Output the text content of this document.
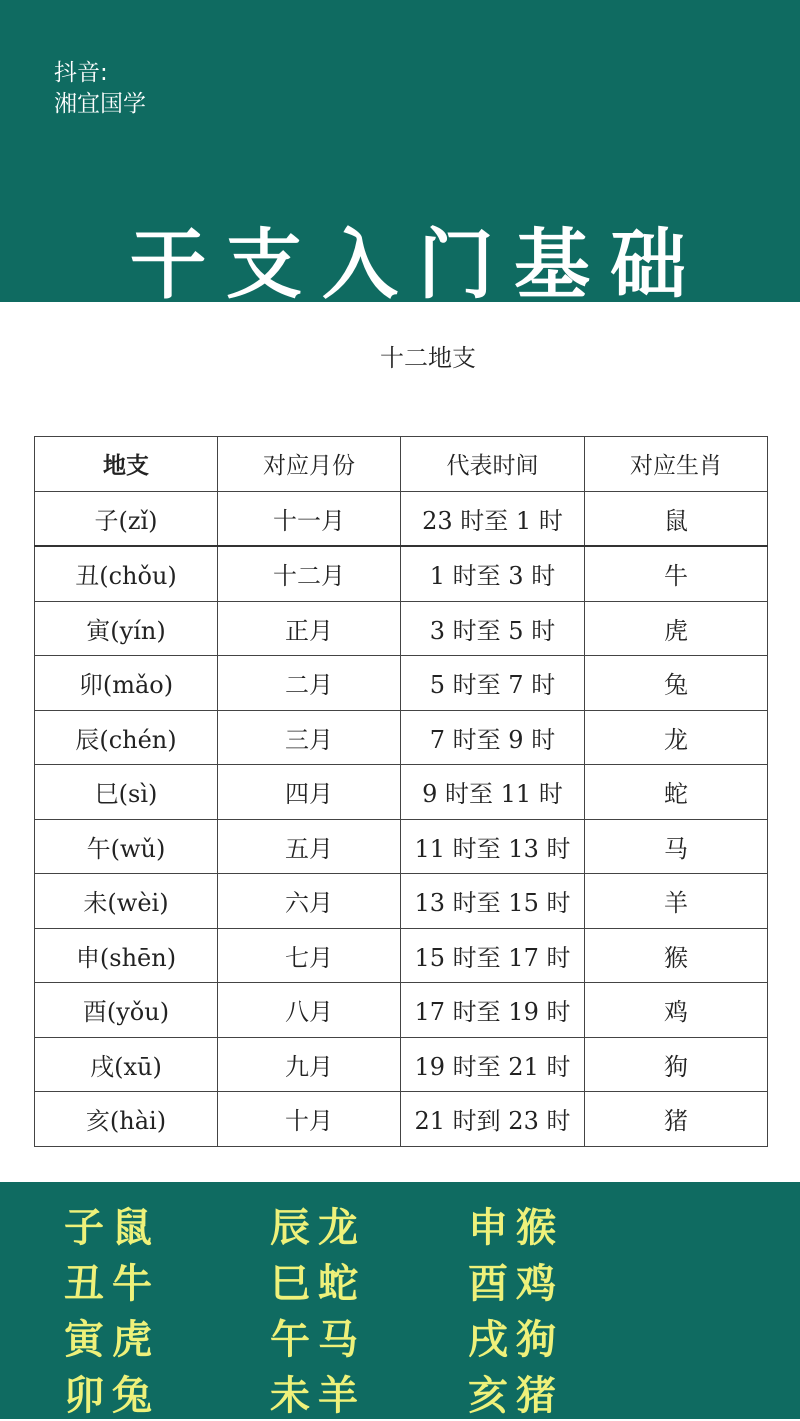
抖音:
湘宜国学
干支入门基础
十二地支
地支	对应月份	代表时间	对应生肖
子(zǐ)	十一月	23 时至 1 时	鼠
丑(chǒu)	十二月	1 时至 3 时	牛
寅(yín)	正月	3 时至 5 时	虎
卯(mǎo)	二月	5 时至 7 时	兔
辰(chén)	三月	7 时至 9 时	龙
巳(sì)	四月	9 时至 11 时	蛇
午(wǔ)	五月	11 时至 13 时	马
未(wèi)	六月	13 时至 15 时	羊
申(shēn)	七月	15 时至 17 时	猴
酉(yǒu)	八月	17 时至 19 时	鸡
戌(xū)	九月	19 时至 21 时	狗
亥(hài)	十月	21 时到 23 时	猪
子鼠
丑牛
寅虎
卯兔
辰龙
巳蛇
午马
未羊
申猴
酉鸡
戌狗
亥猪
